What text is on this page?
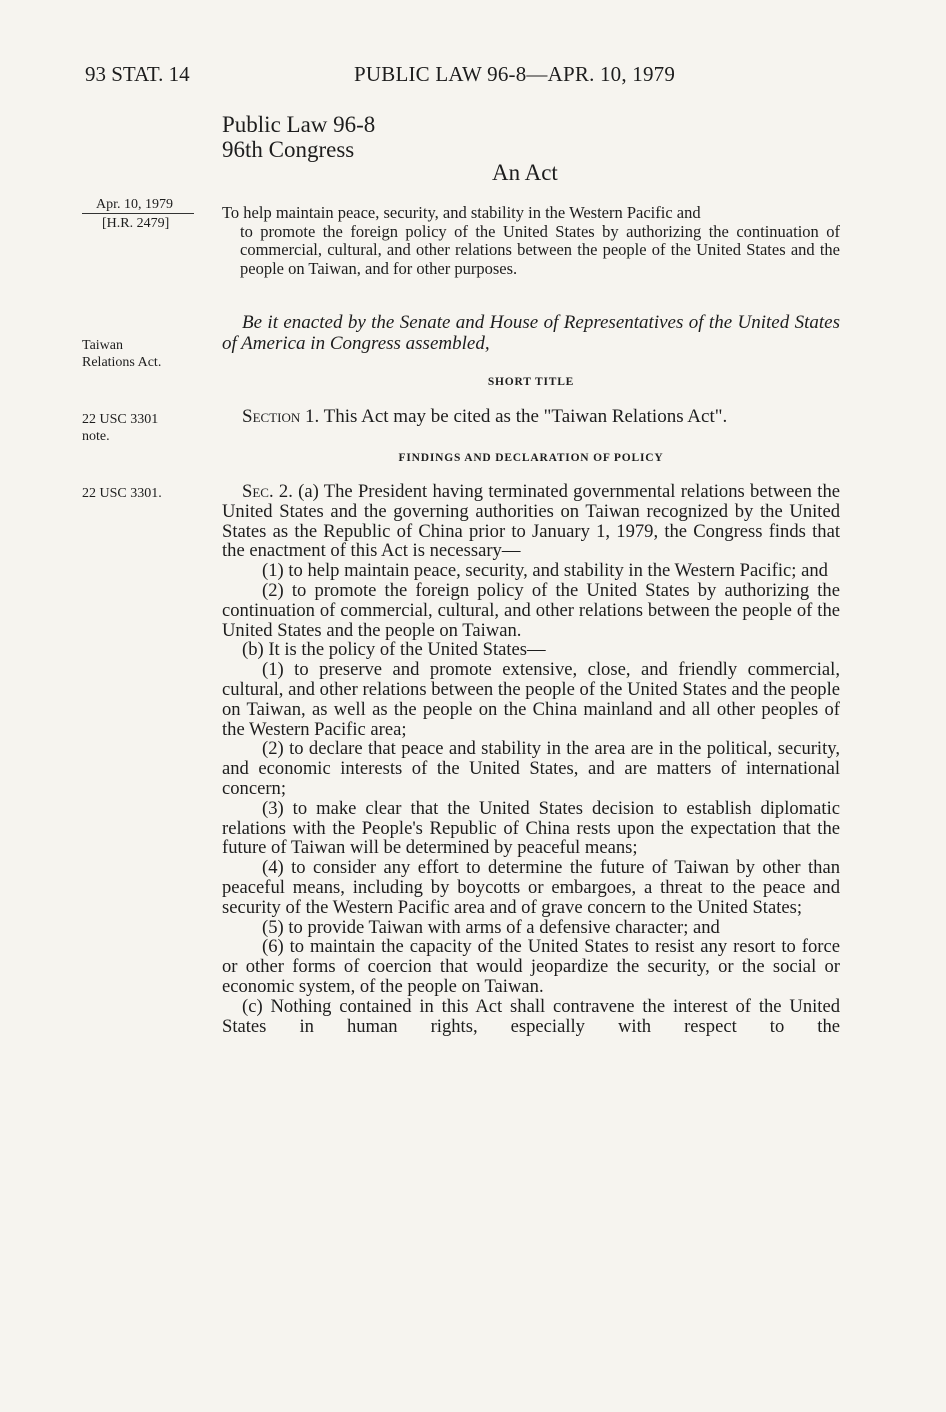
93 STAT. 14	PUBLIC LAW 96-8—APR. 10, 1979
Public Law 96-8
96th Congress
An Act
Apr. 10, 1979
[H.R. 2479]
Taiwan
Relations Act.
22 USC 3301
note.
22 USC 3301.
To help maintain peace, security, and stability in the Western Pacific and
to promote the foreign policy of the United States by authorizing the continuation of commercial, cultural, and other relations between the people of the United States and the people on Taiwan, and for other purposes.
Be it enacted by the Senate and House of Representatives of the United States of America in Congress assembled,
SHORT TITLE
Section 1. This Act may be cited as the "Taiwan Relations Act".
FINDINGS AND DECLARATION OF POLICY

Sec. 2. (a) The President having terminated governmental relations between the United States and the governing authorities on Taiwan recognized by the United States as the Republic of China prior to January 1, 1979, the Congress finds that the enactment of this Act is necessary—

(1) to help maintain peace, security, and stability in the Western Pacific; and

(2) to promote the foreign policy of the United States by authorizing the continuation of commercial, cultural, and other relations between the people of the United States and the people on Taiwan.

(b) It is the policy of the United States—

(1) to preserve and promote extensive, close, and friendly commercial, cultural, and other relations between the people of the United States and the people on Taiwan, as well as the people on the China mainland and all other peoples of the Western Pacific area;

(2) to declare that peace and stability in the area are in the political, security, and economic interests of the United States, and are matters of international concern;

(3) to make clear that the United States decision to establish diplomatic relations with the People's Republic of China rests upon the expectation that the future of Taiwan will be determined by peaceful means;

(4) to consider any effort to determine the future of Taiwan by other than peaceful means, including by boycotts or embargoes, a threat to the peace and security of the Western Pacific area and of grave concern to the United States;

(5) to provide Taiwan with arms of a defensive character; and

(6) to maintain the capacity of the United States to resist any resort to force or other forms of coercion that would jeopardize the security, or the social or economic system, of the people on Taiwan.

(c) Nothing contained in this Act shall contravene the interest of the United States in human rights, especially with respect to the
